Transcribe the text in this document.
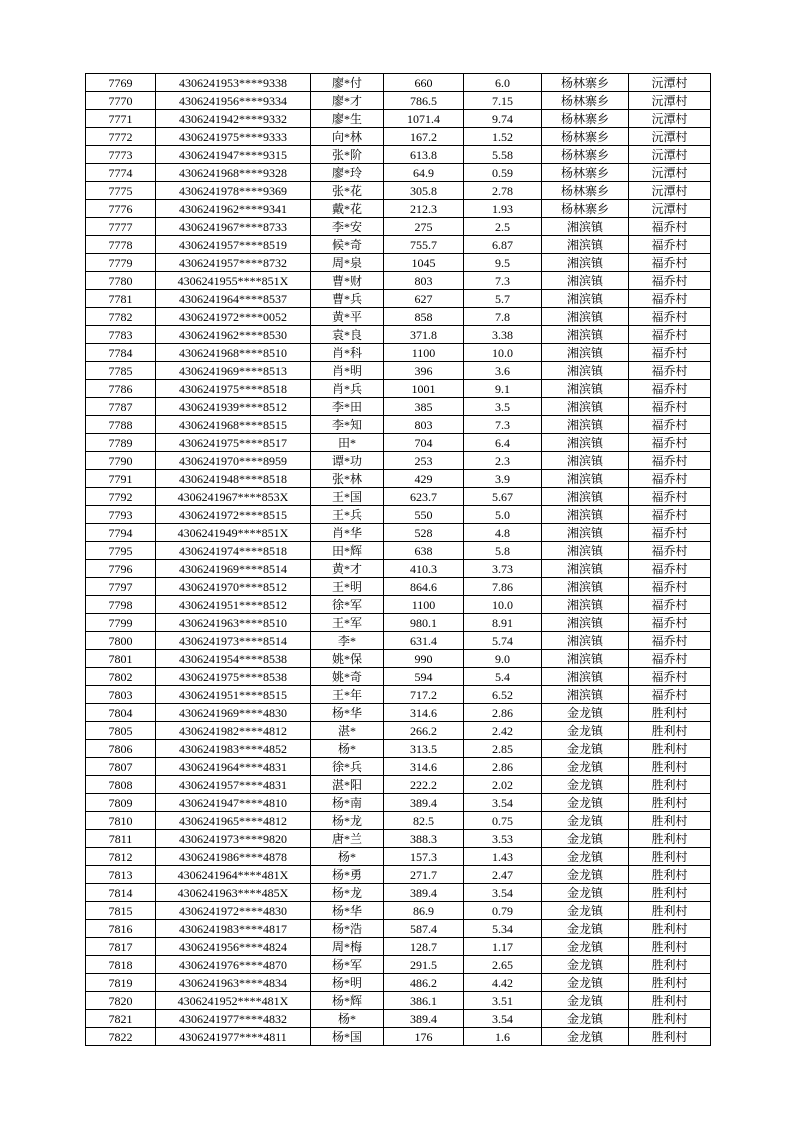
7769	4306241953****9338	廖*付	660	6.0	杨林寨乡	沅潭村
7770	4306241956****9334	廖*才	786.5	7.15	杨林寨乡	沅潭村
7771	4306241942****9332	廖*生	1071.4	9.74	杨林寨乡	沅潭村
7772	4306241975****9333	向*林	167.2	1.52	杨林寨乡	沅潭村
7773	4306241947****9315	张*阶	613.8	5.58	杨林寨乡	沅潭村
7774	4306241968****9328	廖*玲	64.9	0.59	杨林寨乡	沅潭村
7775	4306241978****9369	张*花	305.8	2.78	杨林寨乡	沅潭村
7776	4306241962****9341	戴*花	212.3	1.93	杨林寨乡	沅潭村
7777	4306241967****8733	李*安	275	2.5	湘滨镇	福乔村
7778	4306241957****8519	候*奇	755.7	6.87	湘滨镇	福乔村
7779	4306241957****8732	周*泉	1045	9.5	湘滨镇	福乔村
7780	4306241955****851X	曹*财	803	7.3	湘滨镇	福乔村
7781	4306241964****8537	曹*兵	627	5.7	湘滨镇	福乔村
7782	4306241972****0052	黄*平	858	7.8	湘滨镇	福乔村
7783	4306241962****8530	袁*良	371.8	3.38	湘滨镇	福乔村
7784	4306241968****8510	肖*科	1100	10.0	湘滨镇	福乔村
7785	4306241969****8513	肖*明	396	3.6	湘滨镇	福乔村
7786	4306241975****8518	肖*兵	1001	9.1	湘滨镇	福乔村
7787	4306241939****8512	李*田	385	3.5	湘滨镇	福乔村
7788	4306241968****8515	李*知	803	7.3	湘滨镇	福乔村
7789	4306241975****8517	田*	704	6.4	湘滨镇	福乔村
7790	4306241970****8959	谭*功	253	2.3	湘滨镇	福乔村
7791	4306241948****8518	张*林	429	3.9	湘滨镇	福乔村
7792	4306241967****853X	王*国	623.7	5.67	湘滨镇	福乔村
7793	4306241972****8515	王*兵	550	5.0	湘滨镇	福乔村
7794	4306241949****851X	肖*华	528	4.8	湘滨镇	福乔村
7795	4306241974****8518	田*辉	638	5.8	湘滨镇	福乔村
7796	4306241969****8514	黄*才	410.3	3.73	湘滨镇	福乔村
7797	4306241970****8512	王*明	864.6	7.86	湘滨镇	福乔村
7798	4306241951****8512	徐*军	1100	10.0	湘滨镇	福乔村
7799	4306241963****8510	王*军	980.1	8.91	湘滨镇	福乔村
7800	4306241973****8514	李*	631.4	5.74	湘滨镇	福乔村
7801	4306241954****8538	姚*保	990	9.0	湘滨镇	福乔村
7802	4306241975****8538	姚*奇	594	5.4	湘滨镇	福乔村
7803	4306241951****8515	王*年	717.2	6.52	湘滨镇	福乔村
7804	4306241969****4830	杨*华	314.6	2.86	金龙镇	胜利村
7805	4306241982****4812	湛*	266.2	2.42	金龙镇	胜利村
7806	4306241983****4852	杨*	313.5	2.85	金龙镇	胜利村
7807	4306241964****4831	徐*兵	314.6	2.86	金龙镇	胜利村
7808	4306241957****4831	湛*阳	222.2	2.02	金龙镇	胜利村
7809	4306241947****4810	杨*南	389.4	3.54	金龙镇	胜利村
7810	4306241965****4812	杨*龙	82.5	0.75	金龙镇	胜利村
7811	4306241973****9820	唐*兰	388.3	3.53	金龙镇	胜利村
7812	4306241986****4878	杨*	157.3	1.43	金龙镇	胜利村
7813	4306241964****481X	杨*勇	271.7	2.47	金龙镇	胜利村
7814	4306241963****485X	杨*龙	389.4	3.54	金龙镇	胜利村
7815	4306241972****4830	杨*华	86.9	0.79	金龙镇	胜利村
7816	4306241983****4817	杨*浩	587.4	5.34	金龙镇	胜利村
7817	4306241956****4824	周*梅	128.7	1.17	金龙镇	胜利村
7818	4306241976****4870	杨*军	291.5	2.65	金龙镇	胜利村
7819	4306241963****4834	杨*明	486.2	4.42	金龙镇	胜利村
7820	4306241952****481X	杨*辉	386.1	3.51	金龙镇	胜利村
7821	4306241977****4832	杨*	389.4	3.54	金龙镇	胜利村
7822	4306241977****4811	杨*国	176	1.6	金龙镇	胜利村
